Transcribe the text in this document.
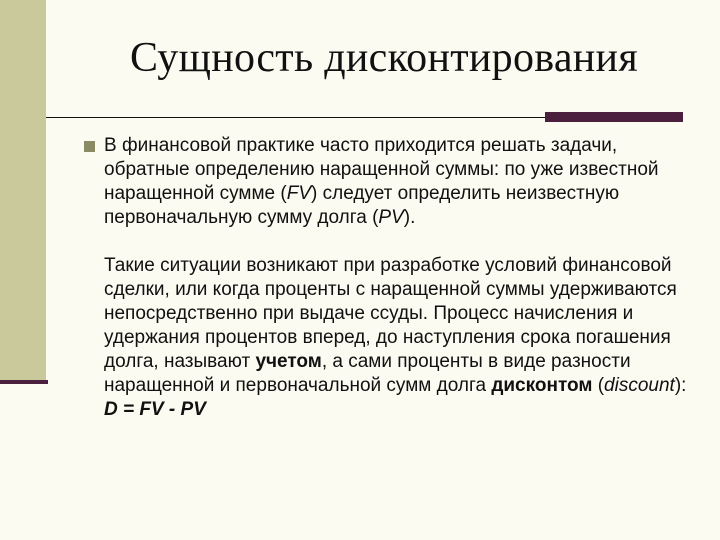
Сущность дисконтирования

В финансовой практике часто приходится решать задачи, обратные определению наращенной суммы: по уже известной наращенной сумме (FV) следует определить неизвестную первоначальную сумму долга (PV).

Такие ситуации возникают при разработке условий финансовой сделки, или когда проценты с наращенной суммы удерживаются непосредственно при выдаче ссуды. Процесс начисления и удержания процентов вперед, до наступления срока погашения долга, называют учетом, а сами проценты в виде разности наращенной и первоначальной сумм долга дисконтом (discount):
D = FV - PV
